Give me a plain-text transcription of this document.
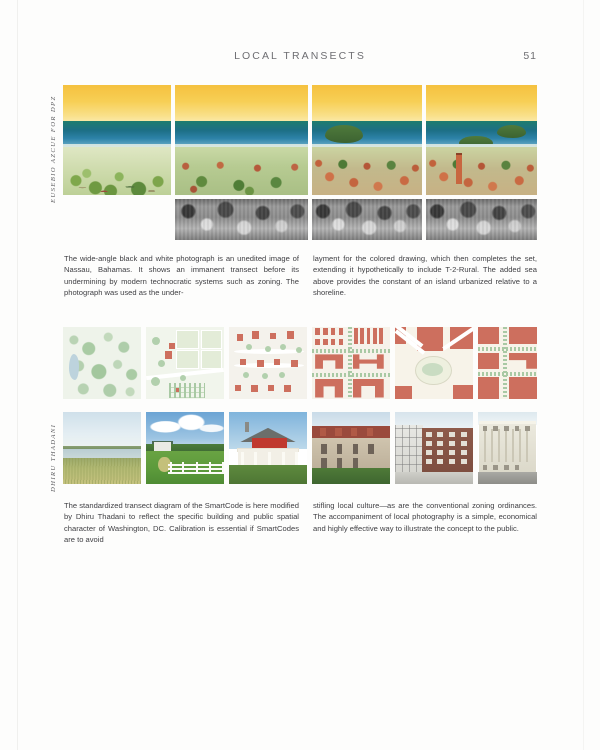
LOCAL TRANSECTS	51
EUSEBIO AZCUE FOR DPZ
The wide-angle black and white photograph is an unedited image of Nassau, Bahamas. It shows an immanent transect before its undermining by modern technocratic systems such as zoning. The photograph was used as the under-
layment for the colored drawing, which then completes the set, extending it hypothetically to include T-2-Rural. The added sea above provides the constant of an island urbanized relative to a shoreline.
DHIRU THADANI
The standardized transect diagram of the SmartCode is here modified by Dhiru Thadani to reflect the specific building and public spatial character of Washington, DC. Calibration is essential if SmartCodes are to avoid
stifling local culture—as are the conventional zoning ordinances. The accompaniment of local photography is a simple, economical and highly effective way to illustrate the concept to the public.
